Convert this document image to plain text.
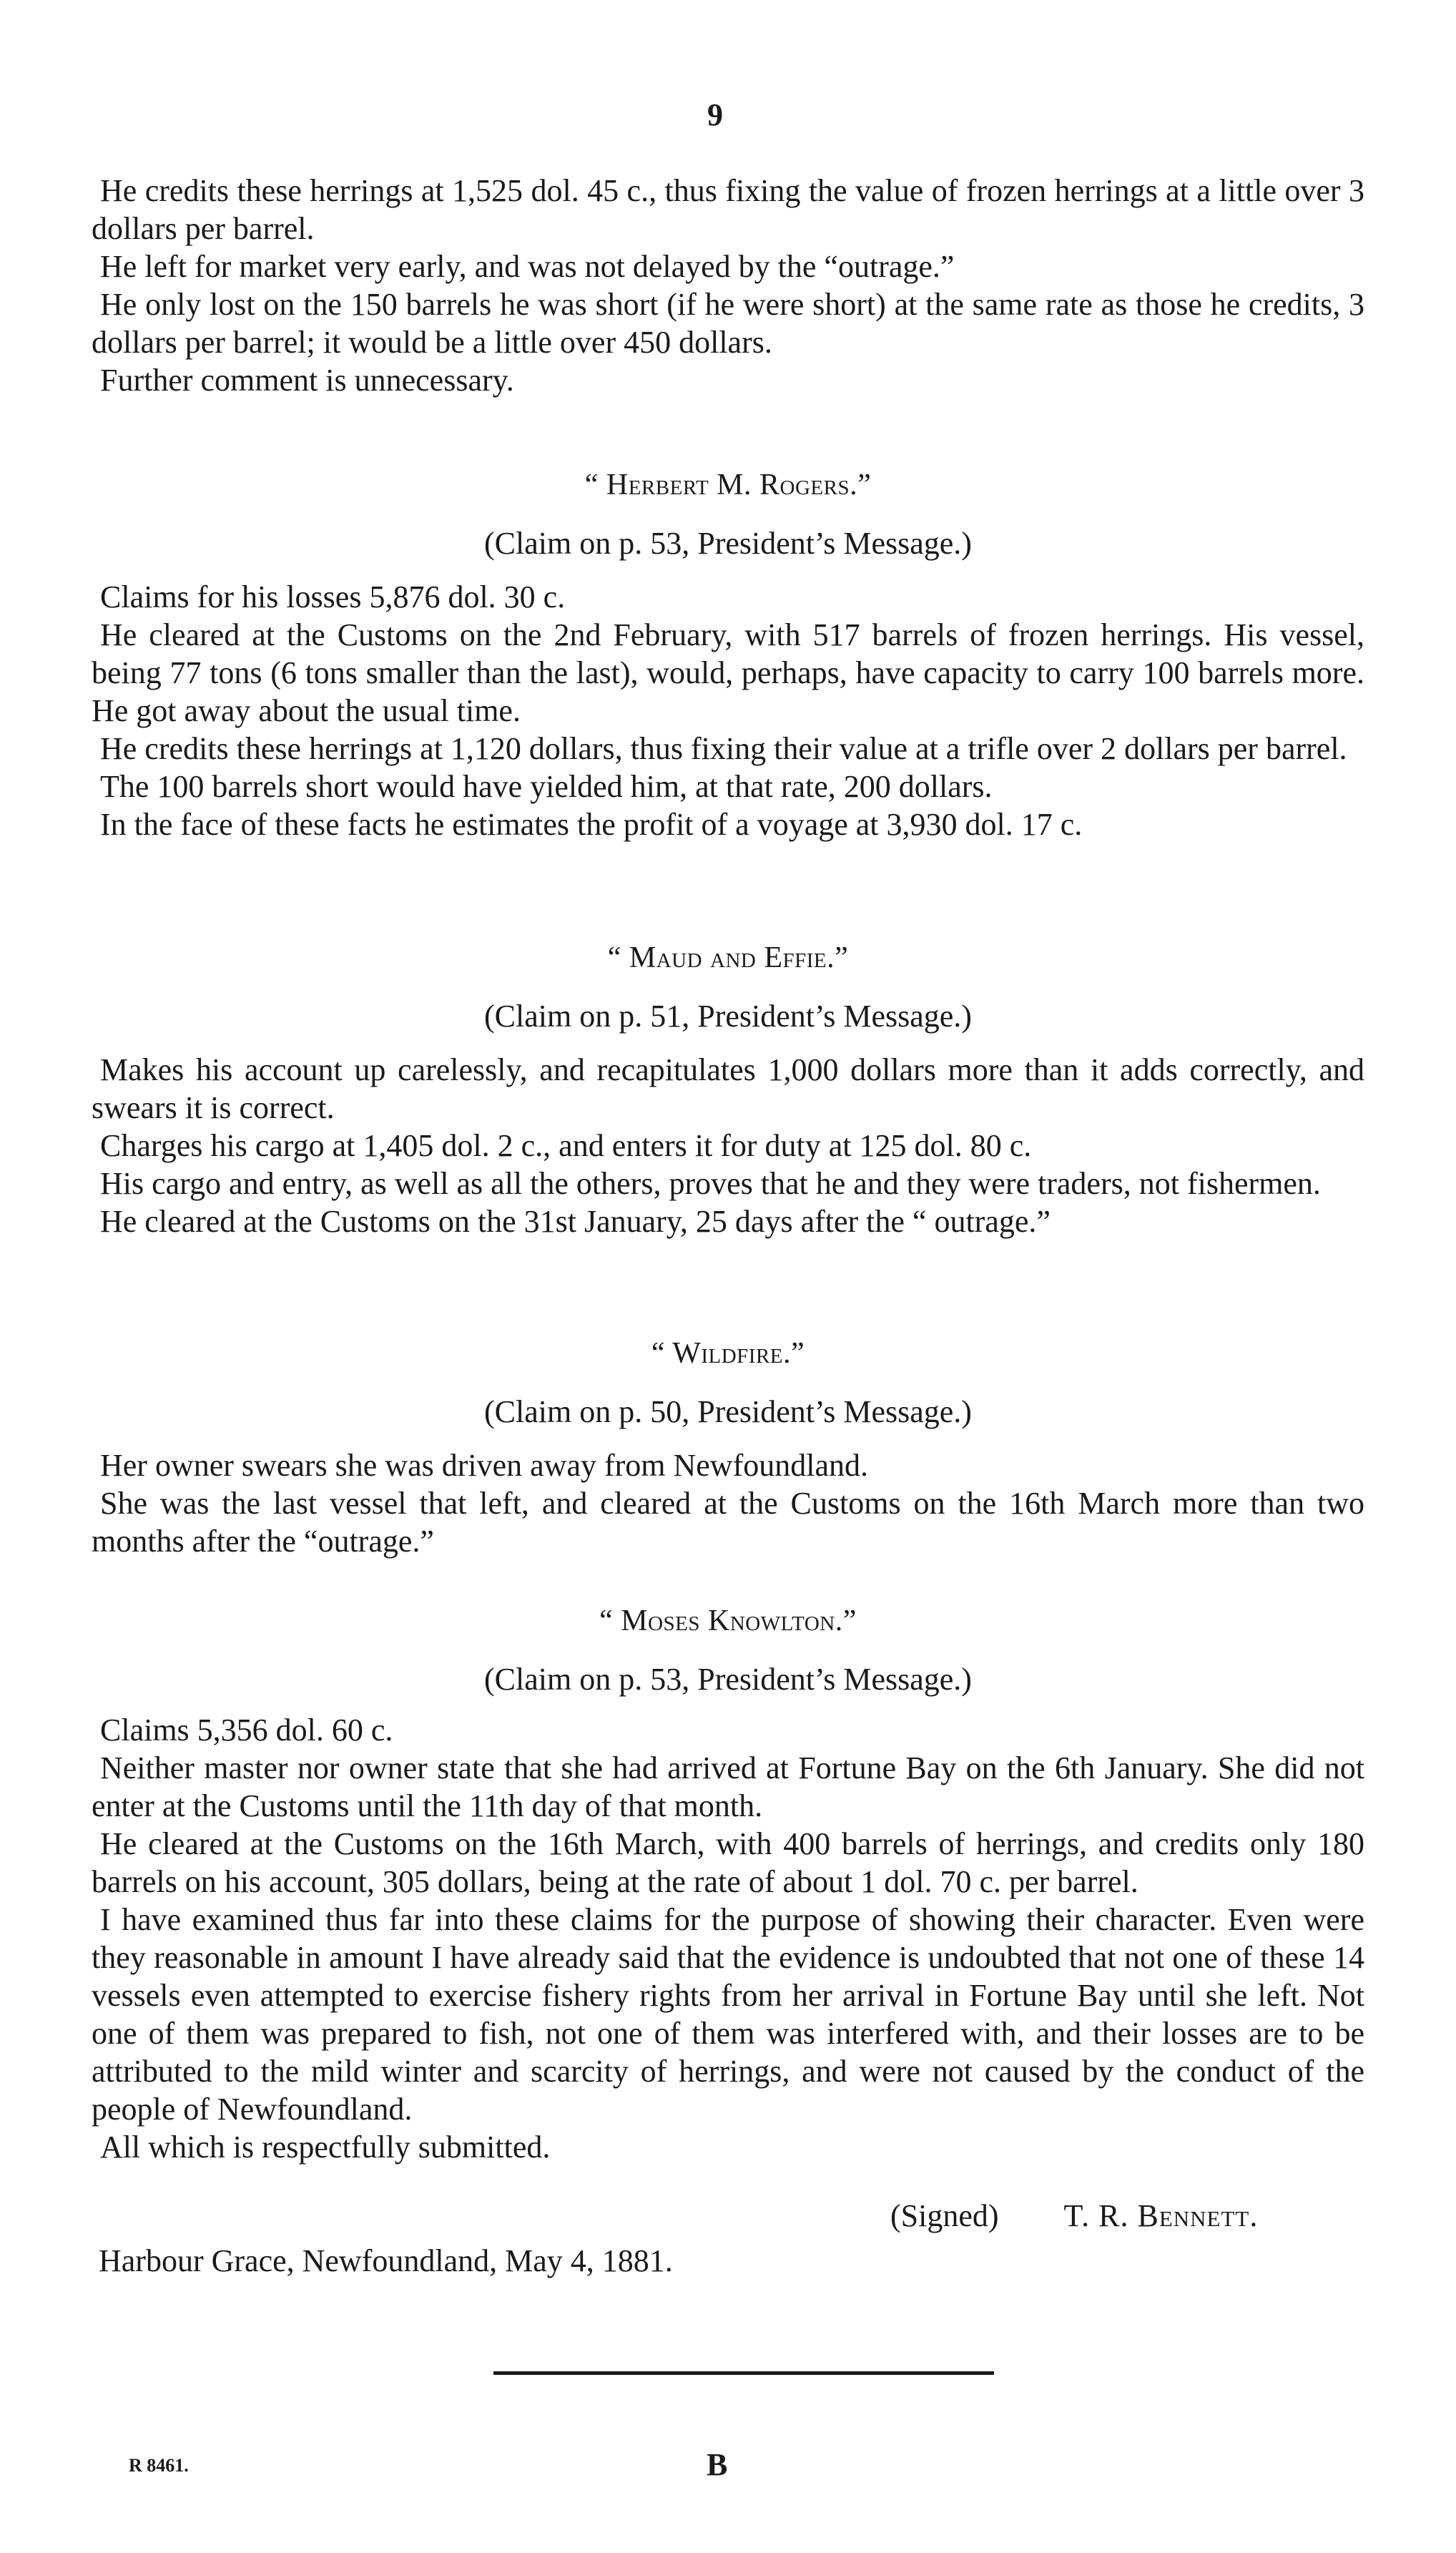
9

He credits these herrings at 1,525 dol. 45 c., thus fixing the value of frozen herrings at a little over 3 dollars per barrel.

He left for market very early, and was not delayed by the “outrage.”

He only lost on the 150 barrels he was short (if he were short) at the same rate as those he credits, 3 dollars per barrel; it would be a little over 450 dollars.

Further comment is unnecessary.

“ Herbert M. Rogers.”

(Claim on p. 53, President’s Message.)

Claims for his losses 5,876 dol. 30 c.

He cleared at the Customs on the 2nd February, with 517 barrels of frozen herrings. His vessel, being 77 tons (6 tons smaller than the last), would, perhaps, have capacity to carry 100 barrels more. He got away about the usual time.

He credits these herrings at 1,120 dollars, thus fixing their value at a trifle over 2 dollars per barrel.

The 100 barrels short would have yielded him, at that rate, 200 dollars.

In the face of these facts he estimates the profit of a voyage at 3,930 dol. 17 c.

“ Maud and Effie.”

(Claim on p. 51, President’s Message.)

Makes his account up carelessly, and recapitulates 1,000 dollars more than it adds correctly, and swears it is correct.

Charges his cargo at 1,405 dol. 2 c., and enters it for duty at 125 dol. 80 c.

His cargo and entry, as well as all the others, proves that he and they were traders, not fishermen.

He cleared at the Customs on the 31st January, 25 days after the “ outrage.”

“ Wildfire.”

(Claim on p. 50, President’s Message.)

Her owner swears she was driven away from Newfoundland.

She was the last vessel that left, and cleared at the Customs on the 16th March more than two months after the “outrage.”

“ Moses Knowlton.”

(Claim on p. 53, President’s Message.)

Claims 5,356 dol. 60 c.

Neither master nor owner state that she had arrived at Fortune Bay on the 6th January. She did not enter at the Customs until the 11th day of that month.

He cleared at the Customs on the 16th March, with 400 barrels of herrings, and credits only 180 barrels on his account, 305 dollars, being at the rate of about 1 dol. 70 c. per barrel.

I have examined thus far into these claims for the purpose of showing their character. Even were they reasonable in amount I have already said that the evidence is undoubted that not one of these 14 vessels even attempted to exercise fishery rights from her arrival in Fortune Bay until she left. Not one of them was prepared to fish, not one of them was interfered with, and their losses are to be attributed to the mild winter and scarcity of herrings, and were not caused by the conduct of the people of Newfoundland.

All which is respectfully submitted.

(Signed) T. R. Bennett.
Harbour Grace, Newfoundland, May 4, 1881.
R 8461.	B
